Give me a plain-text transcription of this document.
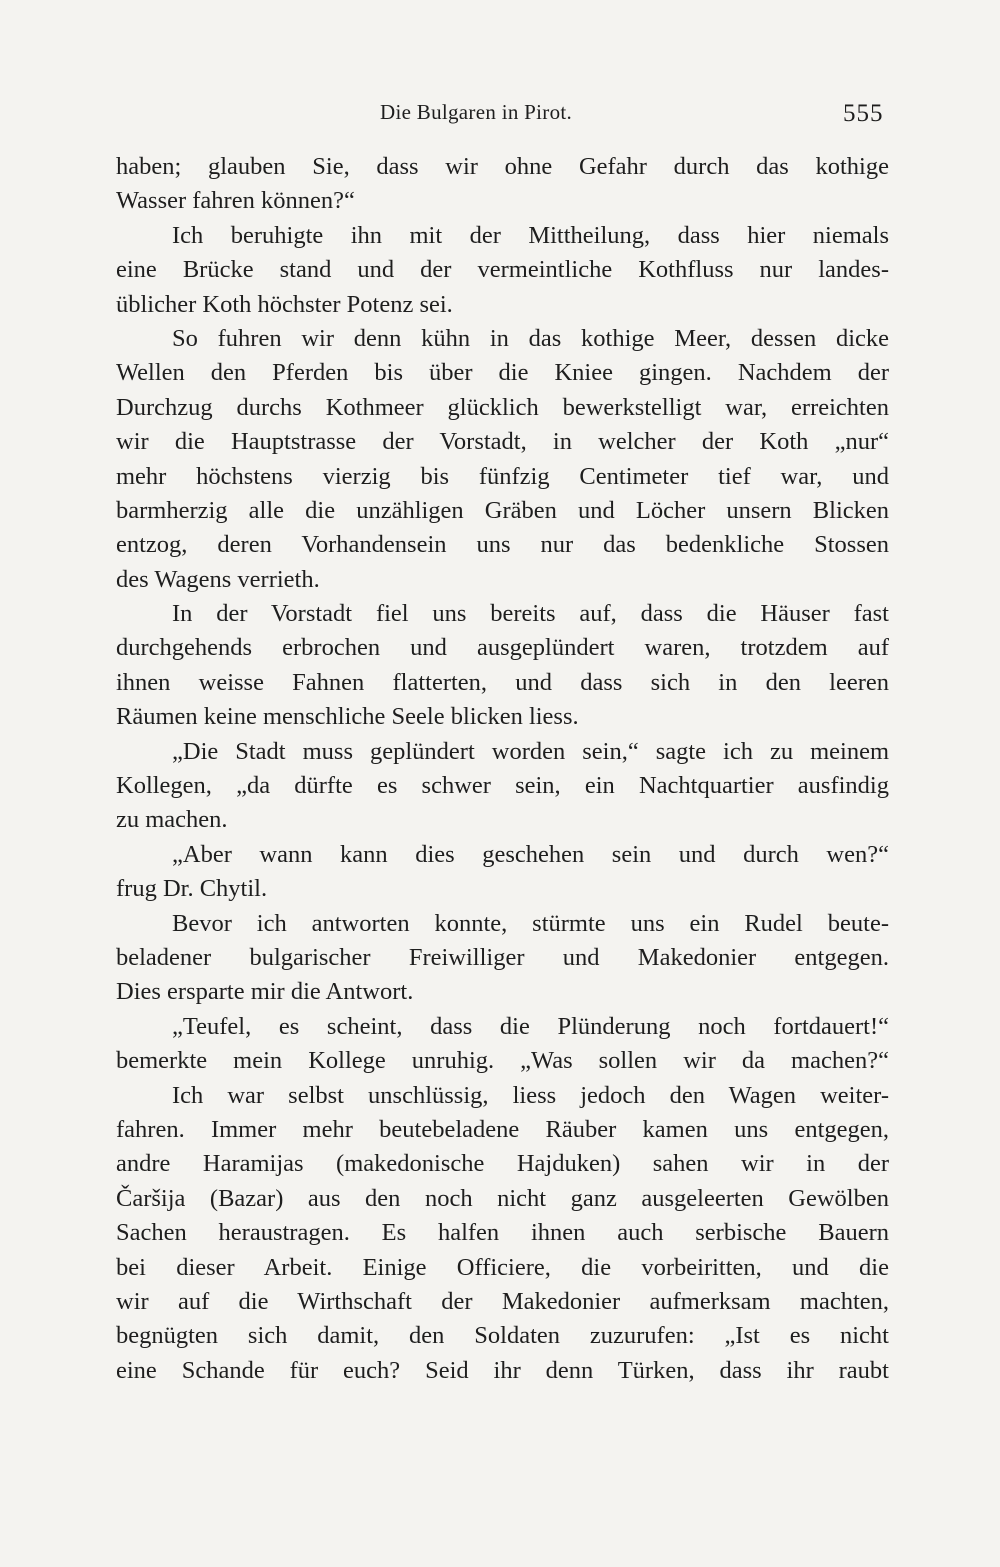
Die Bulgaren in Pirot.	555
haben; glauben Sie, dass wir ohne Gefahr durch das kothige
Wasser fahren können?“
Ich beruhigte ihn mit der Mittheilung, dass hier niemals
eine Brücke stand und der vermeintliche Kothfluss nur landes-
üblicher Koth höchster Potenz sei.
So fuhren wir denn kühn in das kothige Meer, dessen dicke
Wellen den Pferden bis über die Kniee gingen. Nachdem der
Durchzug durchs Kothmeer glücklich bewerkstelligt war, erreichten
wir die Hauptstrasse der Vorstadt, in welcher der Koth „nur“
mehr höchstens vierzig bis fünfzig Centimeter tief war, und
barmherzig alle die unzähligen Gräben und Löcher unsern Blicken
entzog, deren Vorhandensein uns nur das bedenkliche Stossen
des Wagens verrieth.
In der Vorstadt fiel uns bereits auf, dass die Häuser fast
durchgehends erbrochen und ausgeplündert waren, trotzdem auf
ihnen weisse Fahnen flatterten, und dass sich in den leeren
Räumen keine menschliche Seele blicken liess.
„Die Stadt muss geplündert worden sein,“ sagte ich zu meinem
Kollegen, „da dürfte es schwer sein, ein Nachtquartier ausfindig
zu machen.
„Aber wann kann dies geschehen sein und durch wen?“
frug Dr. Chytil.
Bevor ich antworten konnte, stürmte uns ein Rudel beute-
beladener bulgarischer Freiwilliger und Makedonier entgegen.
Dies ersparte mir die Antwort.
„Teufel, es scheint, dass die Plünderung noch fortdauert!“
bemerkte mein Kollege unruhig. „Was sollen wir da machen?“
Ich war selbst unschlüssig, liess jedoch den Wagen weiter-
fahren. Immer mehr beutebeladene Räuber kamen uns entgegen,
andre Haramijas (makedonische Hajduken) sahen wir in der
Čaršija (Bazar) aus den noch nicht ganz ausgeleerten Gewölben
Sachen heraustragen. Es halfen ihnen auch serbische Bauern
bei dieser Arbeit. Einige Officiere, die vorbeiritten, und die
wir auf die Wirthschaft der Makedonier aufmerksam machten,
begnügten sich damit, den Soldaten zuzurufen: „Ist es nicht
eine Schande für euch? Seid ihr denn Türken, dass ihr raubt
